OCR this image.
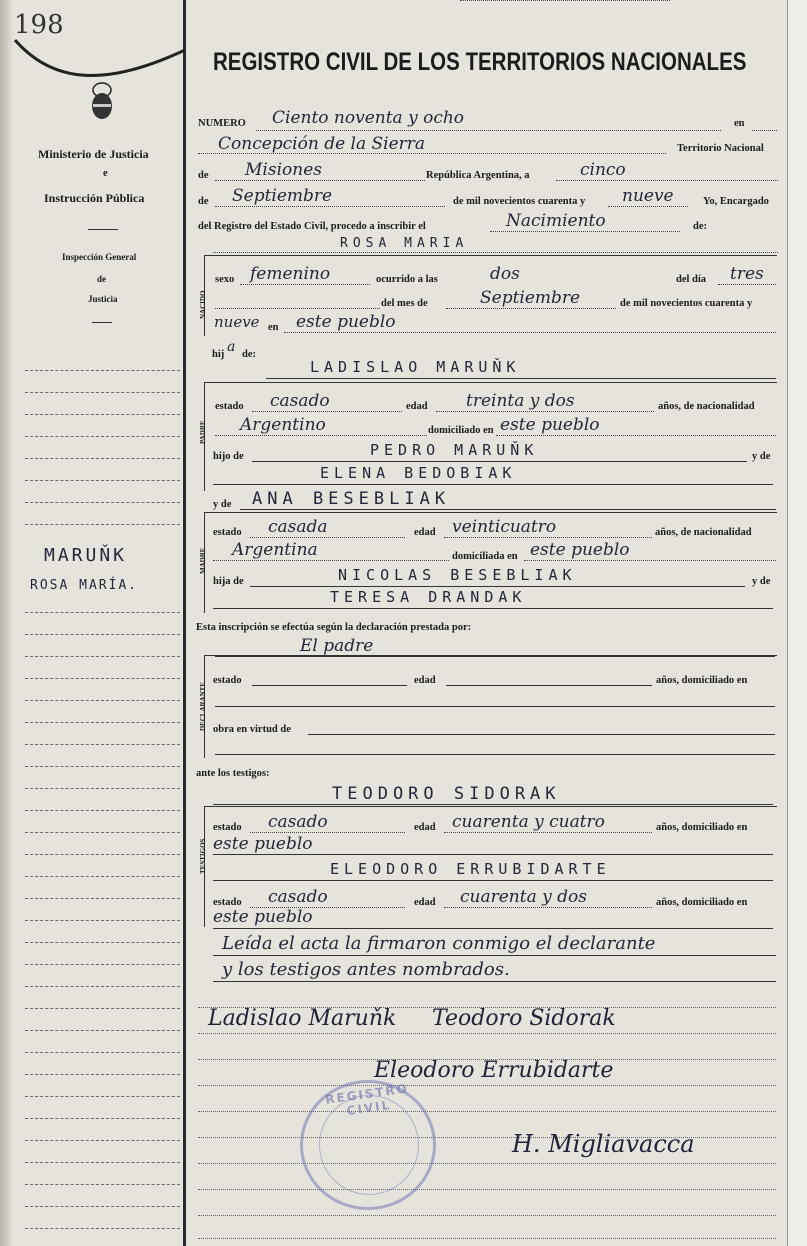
198
Ministerio de Justicia
e
Instrucción Pública
Inspección General
de
Justicia
MARUŇK
ROSA MARÍA.
REGISTRO CIVIL DE LOS TERRITORIOS NACIONALES
NUMERO Ciento noventa y ocho	en
Concepción de la Sierra	Territorio Nacional
de Misiones	República Argentina, a	cinco
de Septiembre	de mil novecientos cuarenta y nueve	Yo, Encargado
del Registro del Estado Civil, procedo a inscribir el	Nacimiento	de:
ROSA MARIA
NACIDO
sexo femenino	ocurrido a las	dos	del día tres
del mes de	Septiembre	de mil novecientos cuarenta y
nueve en este pueblo
hij a de:
LADISLAO MARUŇK
PADRE
estado casado	edad treinta y dos	años, de nacionalidad
Argentino	domiciliado en este pueblo
hijo de	PEDRO MARUŇK	y de
ELENA BEDOBIAK
y de ANA BESEBLIAK
MADRE
estado casada	edad veinticuatro	años, de nacionalidad
Argentina	domiciliada en este pueblo
hija de	NICOLAS BESEBLIAK	y de
TERESA DRANDAK
Esta inscripción se efectúa según la declaración prestada por:
DECLARANTE
El padre
estado	edad	años, domiciliado en
obra en virtud de
ante los testigos:
TEODORO SIDORAK
TESTIGOS
estado casado	edad cuarenta y cuatro	años, domiciliado en
este pueblo
ELEODORO ERRUBIDARTE
estado casado	edad cuarenta y dos	años, domiciliado en
este pueblo
Leída el acta la firmaron conmigo el declarante
y los testigos antes nombrados.
Ladislao Maruňk Teodoro Sidorak
Eleodoro Errubidarte
H. Migliavacca
REGISTRO CIVIL
